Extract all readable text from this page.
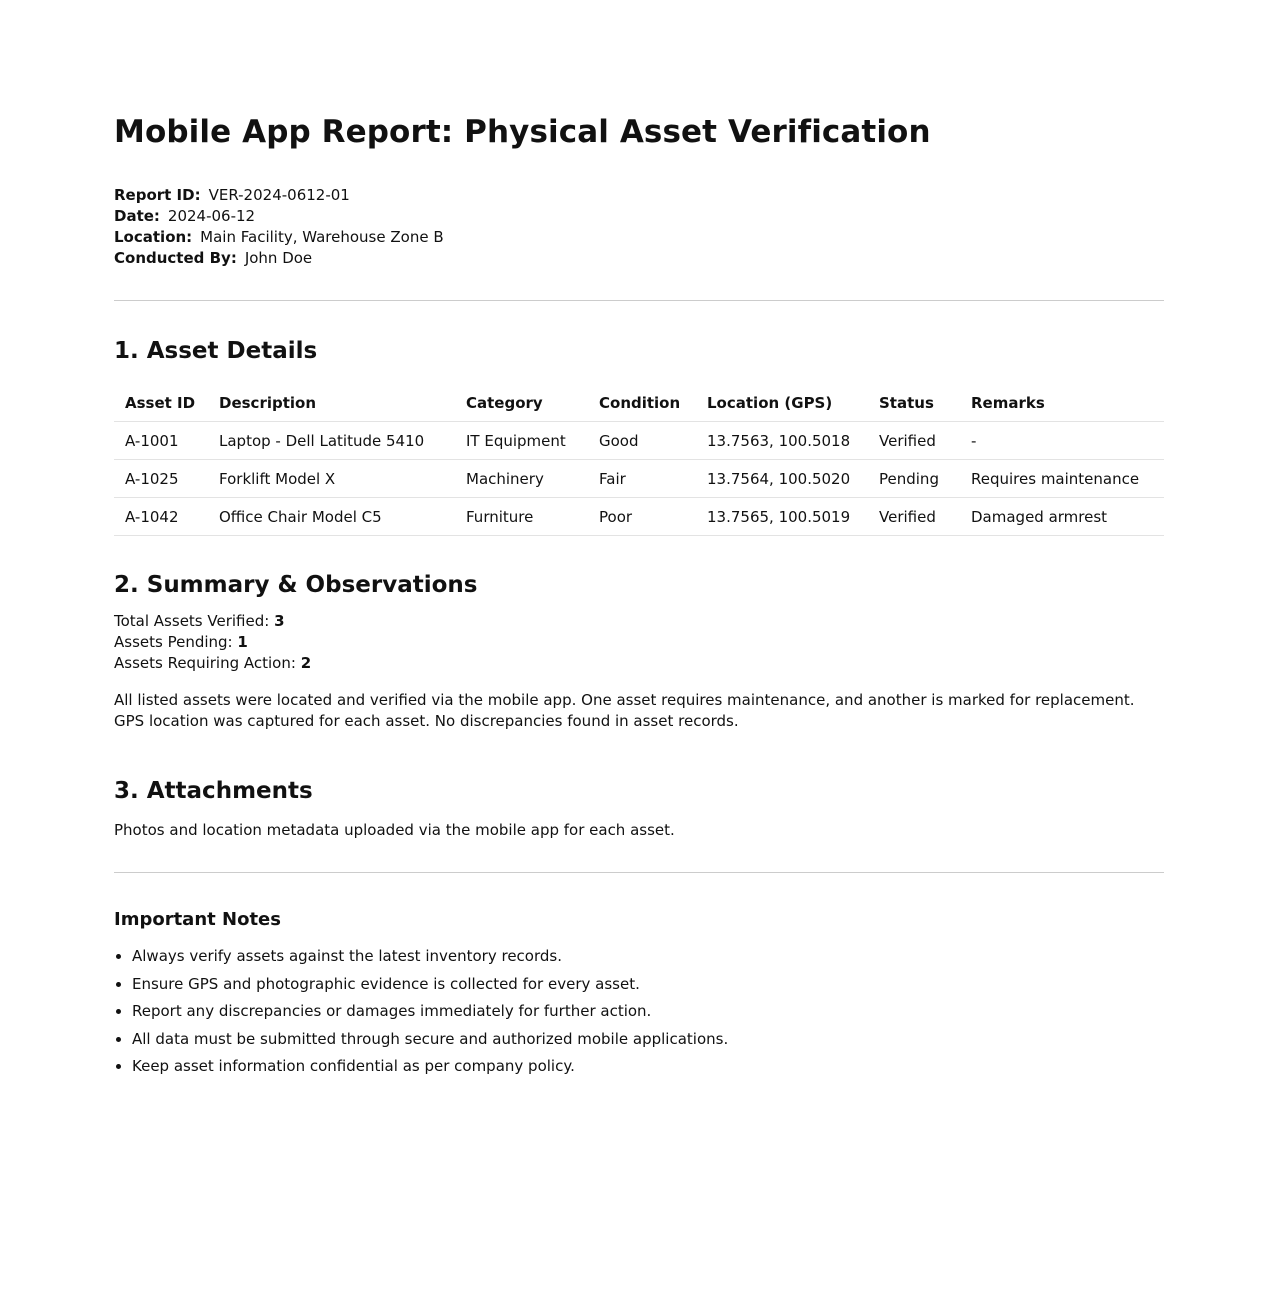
Mobile App Report: Physical Asset Verification
Report ID: VER-2024-0612-01
Date: 2024-06-12
Location: Main Facility, Warehouse Zone B
Conducted By: John Doe
1. Asset Details
Asset ID	Description	Category	Condition	Location (GPS)	Status	Remarks
A-1001	Laptop - Dell Latitude 5410	IT Equipment	Good	13.7563, 100.5018	Verified	-
A-1025	Forklift Model X	Machinery	Fair	13.7564, 100.5020	Pending	Requires maintenance
A-1042	Office Chair Model C5	Furniture	Poor	13.7565, 100.5019	Verified	Damaged armrest
2. Summary & Observations
Total Assets Verified: 3
Assets Pending: 1
Assets Requiring Action: 2

All listed assets were located and verified via the mobile app. One asset requires maintenance, and another is marked for replacement. GPS location was captured for each asset. No discrepancies found in asset records.

3. Attachments

Photos and location metadata uploaded via the mobile app for each asset.

Important Notes
• Always verify assets against the latest inventory records.
• Ensure GPS and photographic evidence is collected for every asset.
• Report any discrepancies or damages immediately for further action.
• All data must be submitted through secure and authorized mobile applications.
• Keep asset information confidential as per company policy.
